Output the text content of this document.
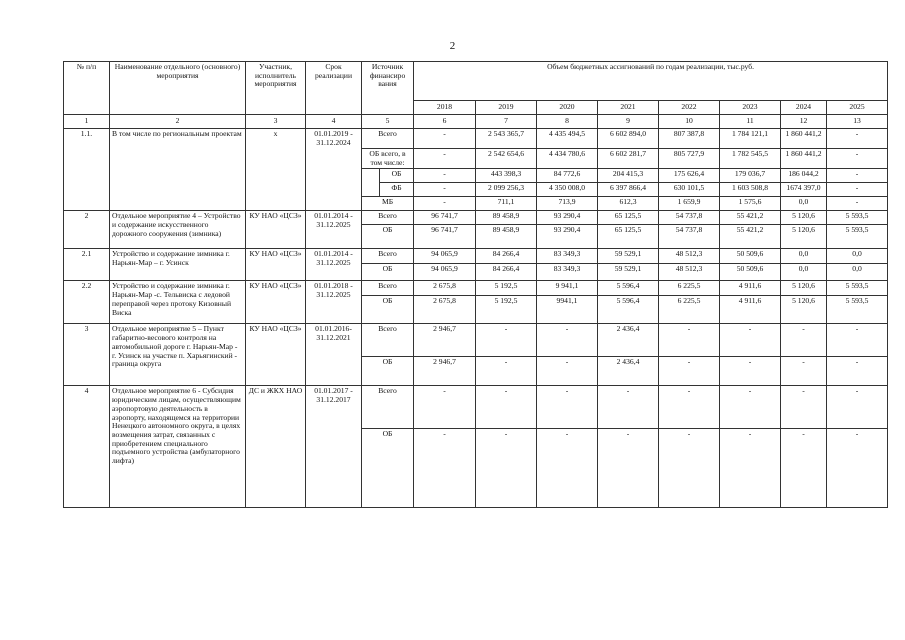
2
№ п/п	Наименование отдельного (основного) мероприятия	Участник, исполнитель мероприятия	Срок реализации	Источник финансиро вания		Объем бюджетных ассигнований по годам реализации, тыс.руб.							
						2018	2019	2020	2021	2022	2023	2024	2025
1	2	3	4	5		6	7	8	9	10	11	12	13
1.1.	В том числе по региональным проектам	х	01.01.2019 - 31.12.2024	Всего		-	2 543 365,7	4 435 494,5	6 602 894,0	807 387,8	1 784 121,1	1 860 441,2	-
				ОБ всего, в том числе:		-	2 542 654,6	4 434 780,6	6 602 281,7	805 727,9	1 782 545,5	1 860 441,2	-
					ОБ	-	443 398,3	84 772,6	204 415,3	175 626,4	179 036,7	186 044,2	-
					ФБ	-	2 099 256,3	4 350 008,0	6 397 866,4	630 101,5	1 603 508,8	1674 397,0	-
				МБ		-	711,1	713,9	612,3	1 659,9	1 575,6	0,0	-
2	Отдельное мероприятие 4 – Устройство и содержание искусственного дорожного сооружения (зимника)	КУ НАО «ЦСЗ»	01.01.2014 - 31.12.2025	Всего		96 741,7	89 458,9	93 290,4	65 125,5	54 737,8	55 421,2	5 120,6	5 593,5
				ОБ		96 741,7	89 458,9	93 290,4	65 125,5	54 737,8	55 421,2	5 120,6	5 593,5
2.1	Устройство и содержание зимника г. Нарьян-Мар – г. Усинск	КУ НАО «ЦСЗ»	01.01.2014 - 31.12.2025	Всего		94 065,9	84 266,4	83 349,3	59 529,1	48 512,3	50 509,6	0,0	0,0
				ОБ		94 065,9	84 266,4	83 349,3	59 529,1	48 512,3	50 509,6	0,0	0,0
2.2	Устройство и содержание зимника г. Нарьян-Мар -с. Тельвиска с ледовой переправой через протоку Кизовный Виска	КУ НАО «ЦСЗ»	01.01.2018 - 31.12.2025	Всего		2 675,8	5 192,5	9 941,1	5 596,4	6 225,5	4 911,6	5 120,6	5 593,5
				ОБ		2 675,8	5 192,5	9941,1	5 596,4	6 225,5	4 911,6	5 120,6	5 593,5
3	Отдельное мероприятие 5 – Пункт габаритно-весового контроля на автомобильной дороге г. Нарьян-Мар - г. Усинск на участке п. Харьягинский - граница округа	КУ НАО «ЦСЗ»	01.01.2016- 31.12.2021	Всего		2 946,7	-	-	2 436,4	-	-	-	-
				ОБ		2 946,7	-	-	2 436,4	-	-	-	-
4	Отдельное мероприятие 6 - Субсидия юридическим лицам, осуществляющим аэропортовую деятельность в аэропорту, находящемся на территории Ненецкого автономного округа, в целях возмещения затрат, связанных с приобретением специального подъемного устройства (амбулаторного лифта)	ДС и ЖКХ НАО	01.01.2017 - 31.12.2017	Всего		-	-	-	-	-	-	-	-
				ОБ		-	-	-	-	-	-	-	-
